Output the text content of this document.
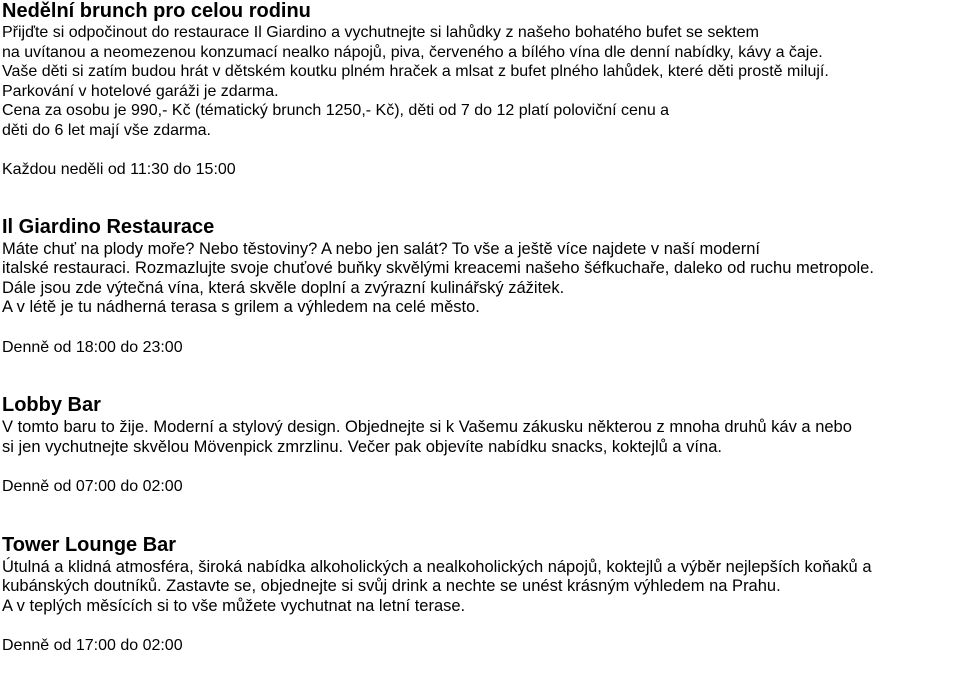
Nedělní brunch pro celou rodinu

Přijďte si odpočinout do restaurace Il Giardino a vychutnejte si lahůdky z našeho bohatého bufet se sektem

na uvítanou a neomezenou konzumací nealko nápojů, piva, červeného a bílého vína dle denní nabídky, kávy a čaje.

Vaše děti si zatím budou hrát v dětském koutku plném hraček a mlsat z bufet plného lahůdek, které děti prostě milují.

Parkování v hotelové garáži je zdarma.

Cena za osobu je 990,- Kč (tématický brunch 1250,- Kč), děti od 7 do 12 platí poloviční cenu a

děti do 6 let mají vše zdarma.

Každou neděli od 11:30 do 15:00

Il Giardino Restaurace

Máte chuť na plody moře? Nebo těstoviny? A nebo jen salát? To vše a ještě více najdete v naší moderní

italské restauraci. Rozmazlujte svoje chuťové buňky skvělými kreacemi našeho šéfkuchaře, daleko od ruchu metropole.

Dále jsou zde výtečná vína, která skvěle doplní a zvýrazní kulinářský zážitek.

A v létě je tu nádherná terasa s grilem a výhledem na celé město.

Denně od 18:00 do 23:00

Lobby Bar

V tomto baru to žije. Moderní a stylový design. Objednejte si k Vašemu zákusku některou z mnoha druhů káv a nebo

si jen vychutnejte skvělou Mövenpick zmrzlinu. Večer pak objevíte nabídku snacks, koktejlů a vína.

Denně od 07:00 do 02:00

Tower Lounge Bar

Útulná a klidná atmosféra, široká nabídka alkoholických a nealkoholických nápojů, koktejlů a výběr nejlepších koňaků a

kubánských doutníků. Zastavte se, objednejte si svůj drink a nechte se unést krásným výhledem na Prahu.

A v teplých měsících si to vše můžete vychutnat na letní terase.

Denně od 17:00 do 02:00
